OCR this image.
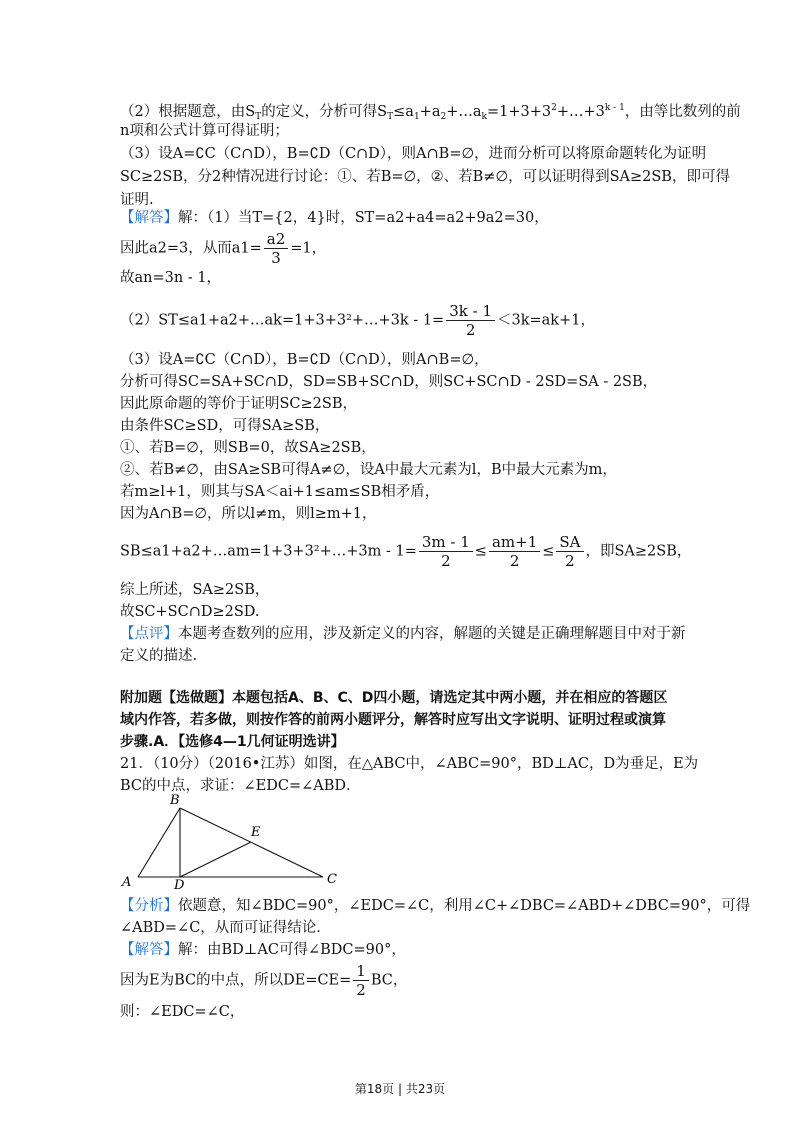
（2）根据题意，由$S_T$的定义，分析可得$S_T\le a_1+a_2+\dots a_k=1+3+3^2+\dots+3^{k - 1}$，由等比数列的前
n项和公式计算可得证明；
（3）设A=∁C（C∩D），B=∁D（C∩D），则A∩B=∅，进而分析可以将原命题转化为证明
SC≥2SB，分2种情况进行讨论：①、若B=∅，②、若B≠∅，可以证明得到SA≥2SB，即可得
证明.
【解答】解：（1）当T={2，4}时，ST=a2+a4=a2+9a2=30，
因此a2=3，从而$a1= \frac{a2}{3} =1$，
故an=3n - 1，
（2）ST≤a1+a2+…ak=1+3+3²+…+3k - $1= \frac{3k - 1}{2} <3k=ak+1$，
（3）设A=∁C（C∩D），B=∁D（C∩D），则A∩B=∅，
分析可得SC=SA+SC∩D，SD=SB+SC∩D，则SC+SC∩D - 2SD=SA - 2SB，
因此原命题的等价于证明SC≥2SB，
由条件SC≥SD，可得SA≥SB，
①、若B=∅，则SB=0，故SA≥2SB，
②、若B≠∅，由SA≥SB可得A≠∅，设A中最大元素为l，B中最大元素为m，
若m≥l+1，则其与SA＜ai+1≤am≤SB相矛盾，
因为A∩B=∅，所以l≠m，则l≥m+1，
SB≤a1+a2+…am=1+3+3²+…+3m - $1= \frac{3m - 1}{2} \le \frac{am+1}{2} \le \frac{SA}{2}$ ，即SA≥2SB，
综上所述，SA≥2SB，
故SC+SC∩D≥2SD.
【点评】本题考查数列的应用，涉及新定义的内容，解题的关键是正确理解题目中对于新
定义的描述.
附加题【选做题】本题包括A、B、C、D四小题，请选定其中两小题，并在相应的答题区
域内作答，若多做，则按作答的前两小题评分，解答时应写出文字说明、证明过程或演算
步骤.A．【选修4—1几何证明选讲】
21．（10分）（2016•江苏）如图，在△ABC中，∠ABC=90°，BD⊥AC，D为垂足，E为
BC的中点，求证：∠EDC=∠ABD．
B
A	D
E
C
【分析】依题意，知∠BDC=90°，∠EDC=∠C，利用∠C+∠DBC=∠ABD+∠DBC=90°，可得
∠ABD=∠C，从而可证得结论．
【解答】解：由BD⊥AC可得∠BDC=90°，
因为E为BC的中点，所以$DE=CE= \frac{1}{2}$ BC，
则：∠EDC=∠C，
第18页 | 共23页
